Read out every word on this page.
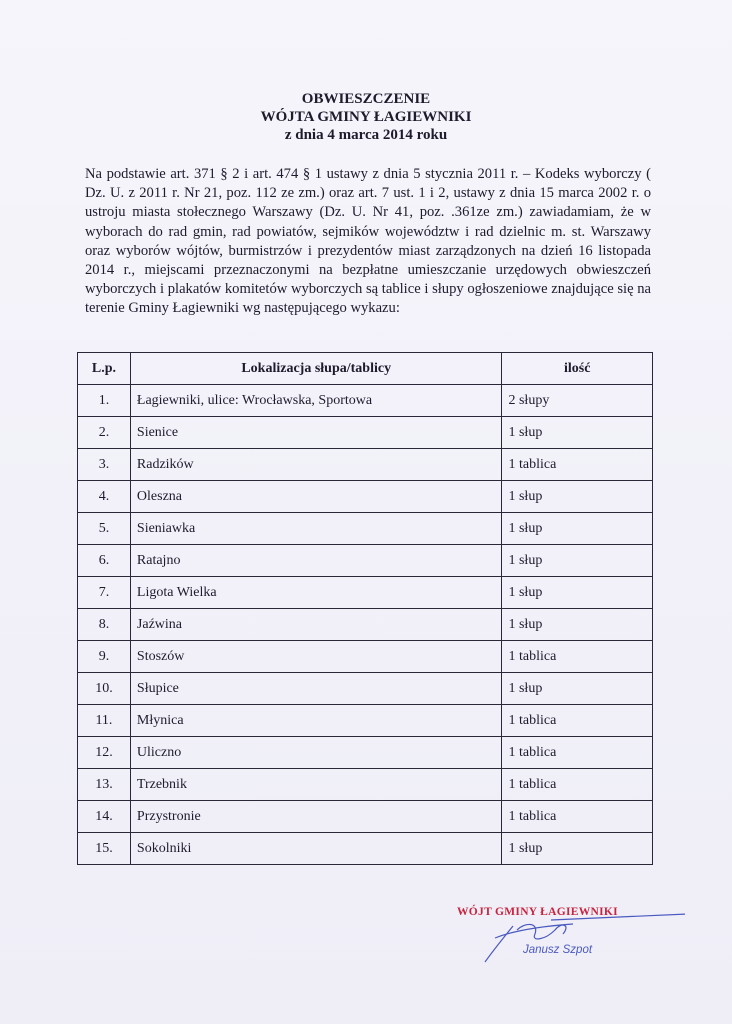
OBWIESZCZENIE
WÓJTA GMINY ŁAGIEWNIKI
z dnia 4 marca 2014 roku
Na podstawie art. 371 § 2 i art. 474 § 1 ustawy z dnia 5 stycznia 2011 r. – Kodeks wyborczy ( Dz. U. z 2011 r. Nr 21, poz. 112 ze zm.) oraz art. 7 ust. 1 i 2, ustawy z dnia 15 marca 2002 r. o ustroju miasta stołecznego Warszawy (Dz. U. Nr 41, poz. .361ze zm.) zawiadamiam, że w wyborach do rad gmin, rad powiatów, sejmików województw i rad dzielnic m. st. Warszawy oraz wyborów wójtów, burmistrzów i prezydentów miast zarządzonych na dzień 16 listopada 2014 r., miejscami przeznaczonymi na bezpłatne umieszczanie urzędowych obwieszczeń wyborczych i plakatów komitetów wyborczych są tablice i słupy ogłoszeniowe znajdujące się na terenie Gminy Łagiewniki wg następującego wykazu:
L.p.	Lokalizacja słupa/tablicy	ilość
1.	Łagiewniki, ulice: Wrocławska, Sportowa	2 słupy
2.	Sienice	1 słup
3.	Radzików	1 tablica
4.	Oleszna	1 słup
5.	Sieniawka	1 słup
6.	Ratajno	1 słup
7.	Ligota Wielka	1 słup
8.	Jaźwina	1 słup
9.	Stoszów	1 tablica
10.	Słupice	1 słup
11.	Młynica	1 tablica
12.	Uliczno	1 tablica
13.	Trzebnik	1 tablica
14.	Przystronie	1 tablica
15.	Sokolniki	1 słup
WÓJT GMINY ŁAGIEWNIKI
Janusz Szpot
